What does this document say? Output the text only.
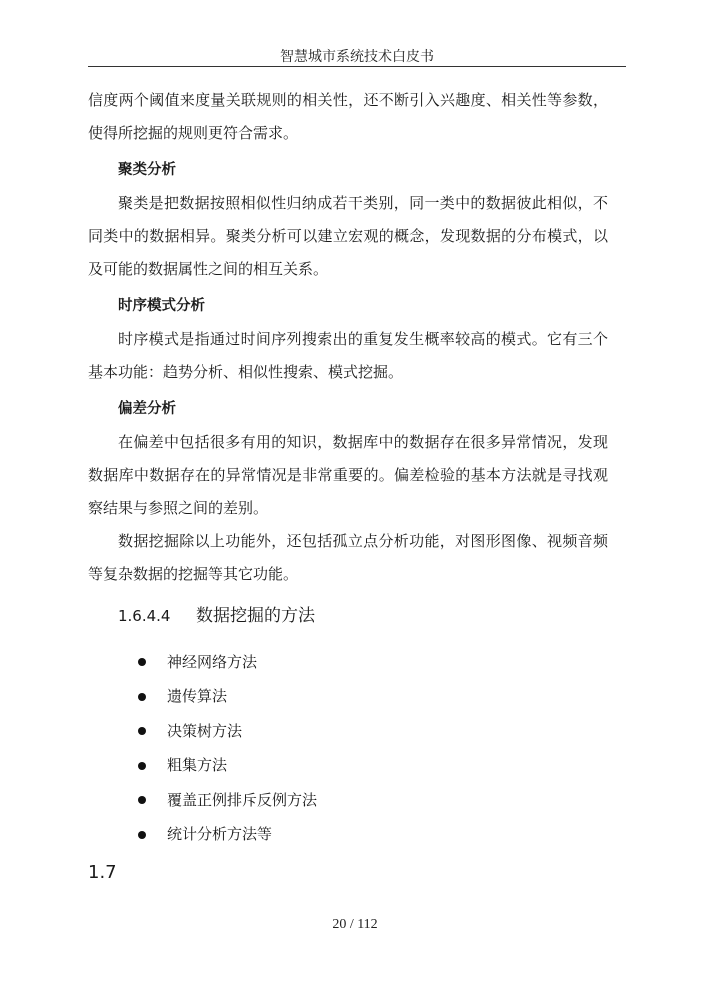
智慧城市系统技术白皮书

信度两个阈值来度量关联规则的相关性，还不断引入兴趣度、相关性等参数，使得所挖掘的规则更符合需求。

聚类分析

聚类是把数据按照相似性归纳成若干类别，同一类中的数据彼此相似，不同类中的数据相异。聚类分析可以建立宏观的概念，发现数据的分布模式，以及可能的数据属性之间的相互关系。

时序模式分析

时序模式是指通过时间序列搜索出的重复发生概率较高的模式。它有三个基本功能：趋势分析、相似性搜索、模式挖掘。

偏差分析

在偏差中包括很多有用的知识，数据库中的数据存在很多异常情况，发现数据库中数据存在的异常情况是非常重要的。偏差检验的基本方法就是寻找观察结果与参照之间的差别。

数据挖掘除以上功能外，还包括孤立点分析功能，对图形图像、视频音频等复杂数据的挖掘等其它功能。

1.6.4.4	数据挖掘的方法
神经网络方法
遗传算法
决策树方法
粗集方法
覆盖正例排斥反例方法
统计分析方法等
1.7
20 / 112
